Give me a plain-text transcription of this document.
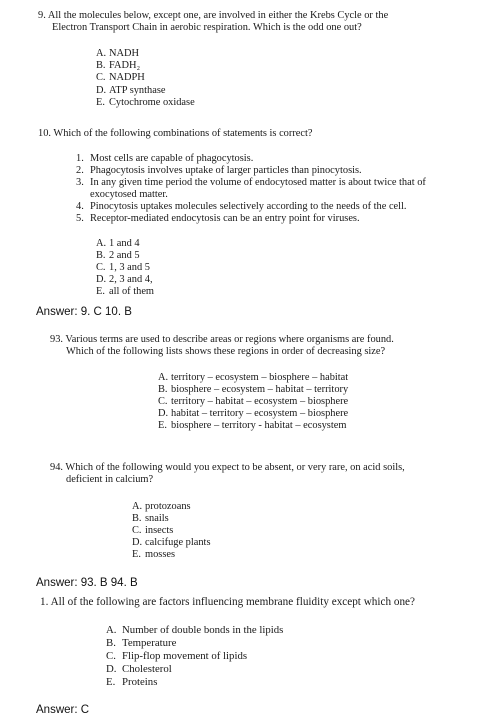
9. All the molecules below, except one, are involved in either the Krebs Cycle or the
Electron Transport Chain in aerobic respiration. Which is the odd one out?
A. NADH
B. FADH₂
C. NADPH
D. ATP synthase
E. Cytochrome oxidase
10. Which of the following combinations of statements is correct?
1. Most cells are capable of phagocytosis.
2. Phagocytosis involves uptake of larger particles than pinocytosis.
3. In any given time period the volume of endocytosed matter is about twice that of
exocytosed matter.
4. Pinocytosis uptakes molecules selectively according to the needs of the cell.
5. Receptor-mediated endocytosis can be an entry point for viruses.
A. 1 and 4
B. 2 and 5
C. 1, 3 and 5
D. 2, 3 and 4,
E. all of them
Answer: 9. C 10. B
93. Various terms are used to describe areas or regions where organisms are found.
Which of the following lists shows these regions in order of decreasing size?
A. territory – ecosystem – biosphere – habitat
B. biosphere – ecosystem – habitat – territory
C. territory – habitat – ecosystem – biosphere
D. habitat – territory – ecosystem – biosphere
E. biosphere – territory - habitat – ecosystem
94. Which of the following would you expect to be absent, or very rare, on acid soils,
deficient in calcium?
A. protozoans
B. snails
C. insects
D. calcifuge plants
E. mosses
Answer: 93. B 94. B
1. All of the following are factors influencing membrane fluidity except which one?
A. Number of double bonds in the lipids
B. Temperature
C. Flip-flop movement of lipids
D. Cholesterol
E. Proteins
Answer: C
